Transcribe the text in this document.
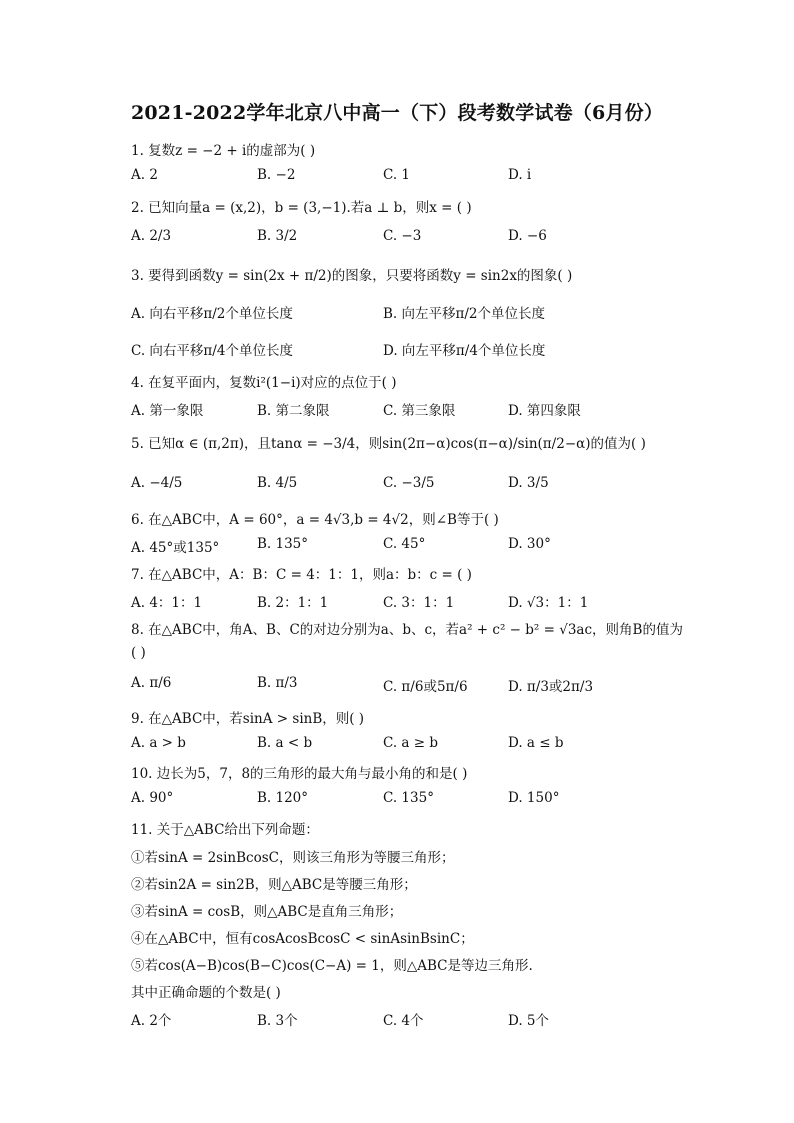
2021-2022学年北京八中高一（下）段考数学试卷（6月份）
1. 复数z = −2 + i的虚部为( )
A. 2	B. −2	C. 1	D. i
2. 已知向量a = (x,2)，b = (3,−1).若a ⊥ b，则x = ( )
A. 2/3	B. 3/2	C. −3	D. −6
3. 要得到函数y = sin(2x + π/2)的图象，只要将函数y = sin2x的图象( )
A. 向右平移π/2个单位长度	B. 向左平移π/2个单位长度
C. 向右平移π/4个单位长度	D. 向左平移π/4个单位长度
4. 在复平面内，复数i²(1−i)对应的点位于( )
A. 第一象限	B. 第二象限	C. 第三象限	D. 第四象限
5. 已知α ∈ (π,2π)，且tanα = −3/4，则sin(2π−α)cos(π−α)/sin(π/2−α)的值为( )
A. −4/5	B. 4/5	C. −3/5	D. 3/5
6. 在△ABC中，A = 60°，a = 4√3,b = 4√2，则∠B等于( )
A. 45°或135°	B. 135°	C. 45°	D. 30°
7. 在△ABC中，A：B：C = 4：1：1，则a：b：c = ( )
A. 4：1：1	B. 2：1：1	C. 3：1：1	D. √3：1：1
8. 在△ABC中，角A、B、C的对边分别为a、b、c，若a² + c² − b² = √3ac，则角B的值为
( )
A. π/6	B. π/3	C. π/6或5π/6	D. π/3或2π/3
9. 在△ABC中，若sinA > sinB，则( )
A. a > b	B. a < b	C. a ≥ b	D. a ≤ b
10. 边长为5，7，8的三角形的最大角与最小角的和是( )
A. 90°	B. 120°	C. 135°	D. 150°
11. 关于△ABC给出下列命题：
①若sinA = 2sinBcosC，则该三角形为等腰三角形；
②若sin2A = sin2B，则△ABC是等腰三角形；
③若sinA = cosB，则△ABC是直角三角形；
④在△ABC中，恒有cosAcosBcosC < sinAsinBsinC；
⑤若cos(A−B)cos(B−C)cos(C−A) = 1，则△ABC是等边三角形.
其中正确命题的个数是( )
A. 2个	B. 3个	C. 4个	D. 5个
